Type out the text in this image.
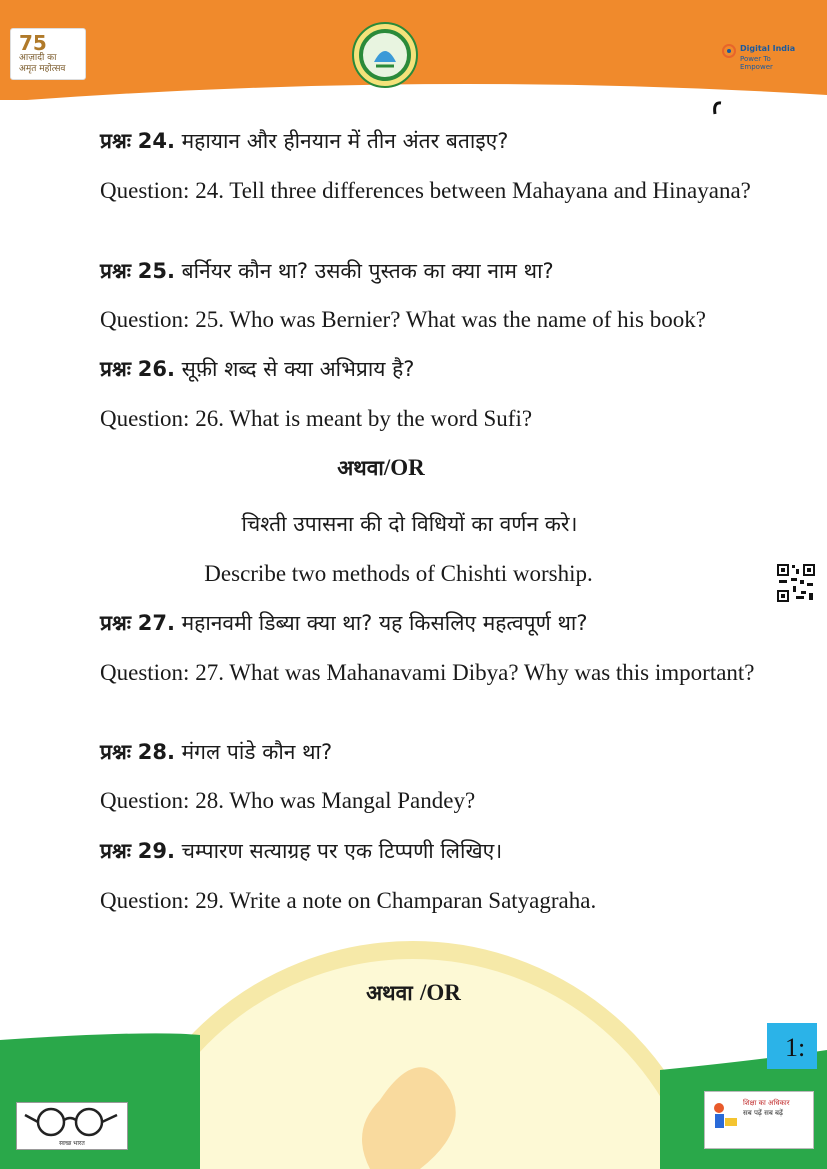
75
आज़ादी का
अमृत महोत्सव
Digital India
Power To Empower
प्रश्नः 24. महायान और हीनयान में तीन अंतर बताइए?
Question: 24. Tell three differences between Mahayana and Hinayana?
प्रश्नः 25. बर्नियर कौन था? उसकी पुस्तक का क्या नाम था?
Question: 25. Who was Bernier? What was the name of his book?
प्रश्नः 26. सूफ़ी शब्द से क्या अभिप्राय है?
Question: 26. What is meant by the word Sufi?
अथवा/OR
चिश्ती उपासना की दो विधियों का वर्णन करे।
Describe two methods of Chishti worship.
प्रश्नः 27. महानवमी डिब्या क्या था? यह किसलिए महत्वपूर्ण था?
Question: 27. What was Mahanavami Dibya? Why was this important?
प्रश्नः 28. मंगल पांडे कौन था?
Question: 28. Who was Mangal Pandey?
प्रश्नः 29. चम्पारण सत्याग्रह पर एक टिप्पणी लिखिए।
Question: 29. Write a note on Champaran Satyagraha.
अथवा /OR
1:
स्वच्छ भारत
शिक्षा का अधिकार
सब पढ़ें सब बढ़ें
